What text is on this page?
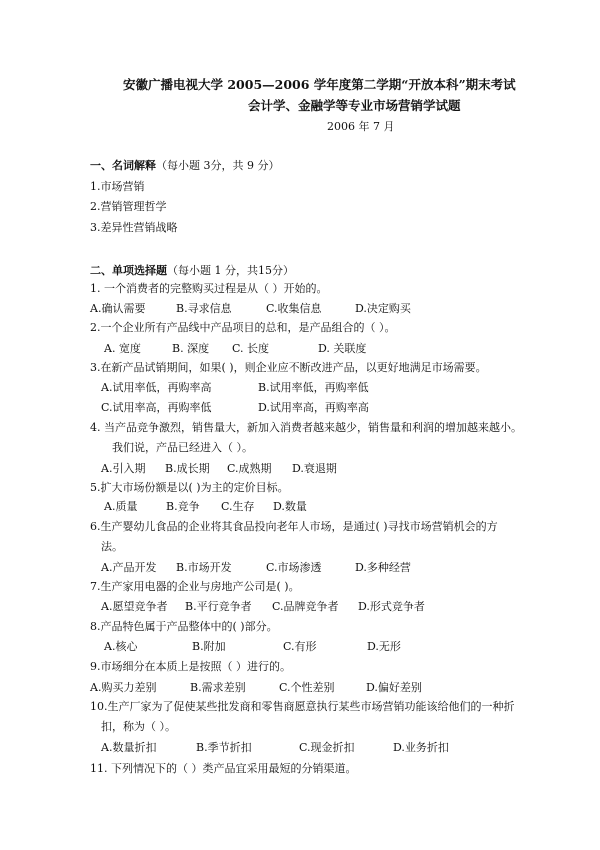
安徽广播电视大学 2005—2006 学年度第二学期“开放本科”期末考试
会计学、金融学等专业市场营销学试题
2006 年 7 月
一、名词解释（每小题 3分，共 9 分）
1.市场营销
2.营销管理哲学
3.差异性营销战略
二、单项选择题（每小题 1 分，共15分）
1. 一个消费者的完整购买过程是从（ ）开始的。
A.确认需要	B.寻求信息	C.收集信息	D.决定购买
2.一个企业所有产品线中产品项目的总和，是产品组合的（ ）。
A. 宽度	B. 深度 C. 长度	D. 关联度
3.在新产品试销期间，如果( )，则企业应不断改进产品，以更好地满足市场需要。
A.试用率低，再购率高	B.试用率低，再购率低
C.试用率高，再购率低	D.试用率高，再购率高
4. 当产品竞争激烈，销售量大，新加入消费者越来越少，销售量和利润的增加越来越小。
我们说，产品已经进入（ ）。
A.引入期 B.成长期 C.成熟期 D.衰退期
5.扩大市场份额是以( )为主的定价目标。
A.质量	B.竞争 C.生存 D.数量
6.生产婴幼儿食品的企业将其食品投向老年人市场，是通过( )寻找市场营销机会的方
法。
A.产品开发 B.市场开发	C.市场渗透	D.多种经营
7.生产家用电器的企业与房地产公司是( )。
A.愿望竞争者 B.平行竞争者 C.品牌竞争者 D.形式竞争者
8.产品特色属于产品整体中的( )部分。
A.核心	B.附加	C.有形	D.无形
9.市场细分在本质上是按照（ ）进行的。
A.购买力差别	B.需求差别	C.个性差别	D.偏好差别
10.生产厂家为了促使某些批发商和零售商愿意执行某些市场营销功能该给他们的一种折
扣，称为（ ）。
A.数量折扣	B.季节折扣	C.现金折扣	D.业务折扣
11. 下列情况下的（ ）类产品宜采用最短的分销渠道。
